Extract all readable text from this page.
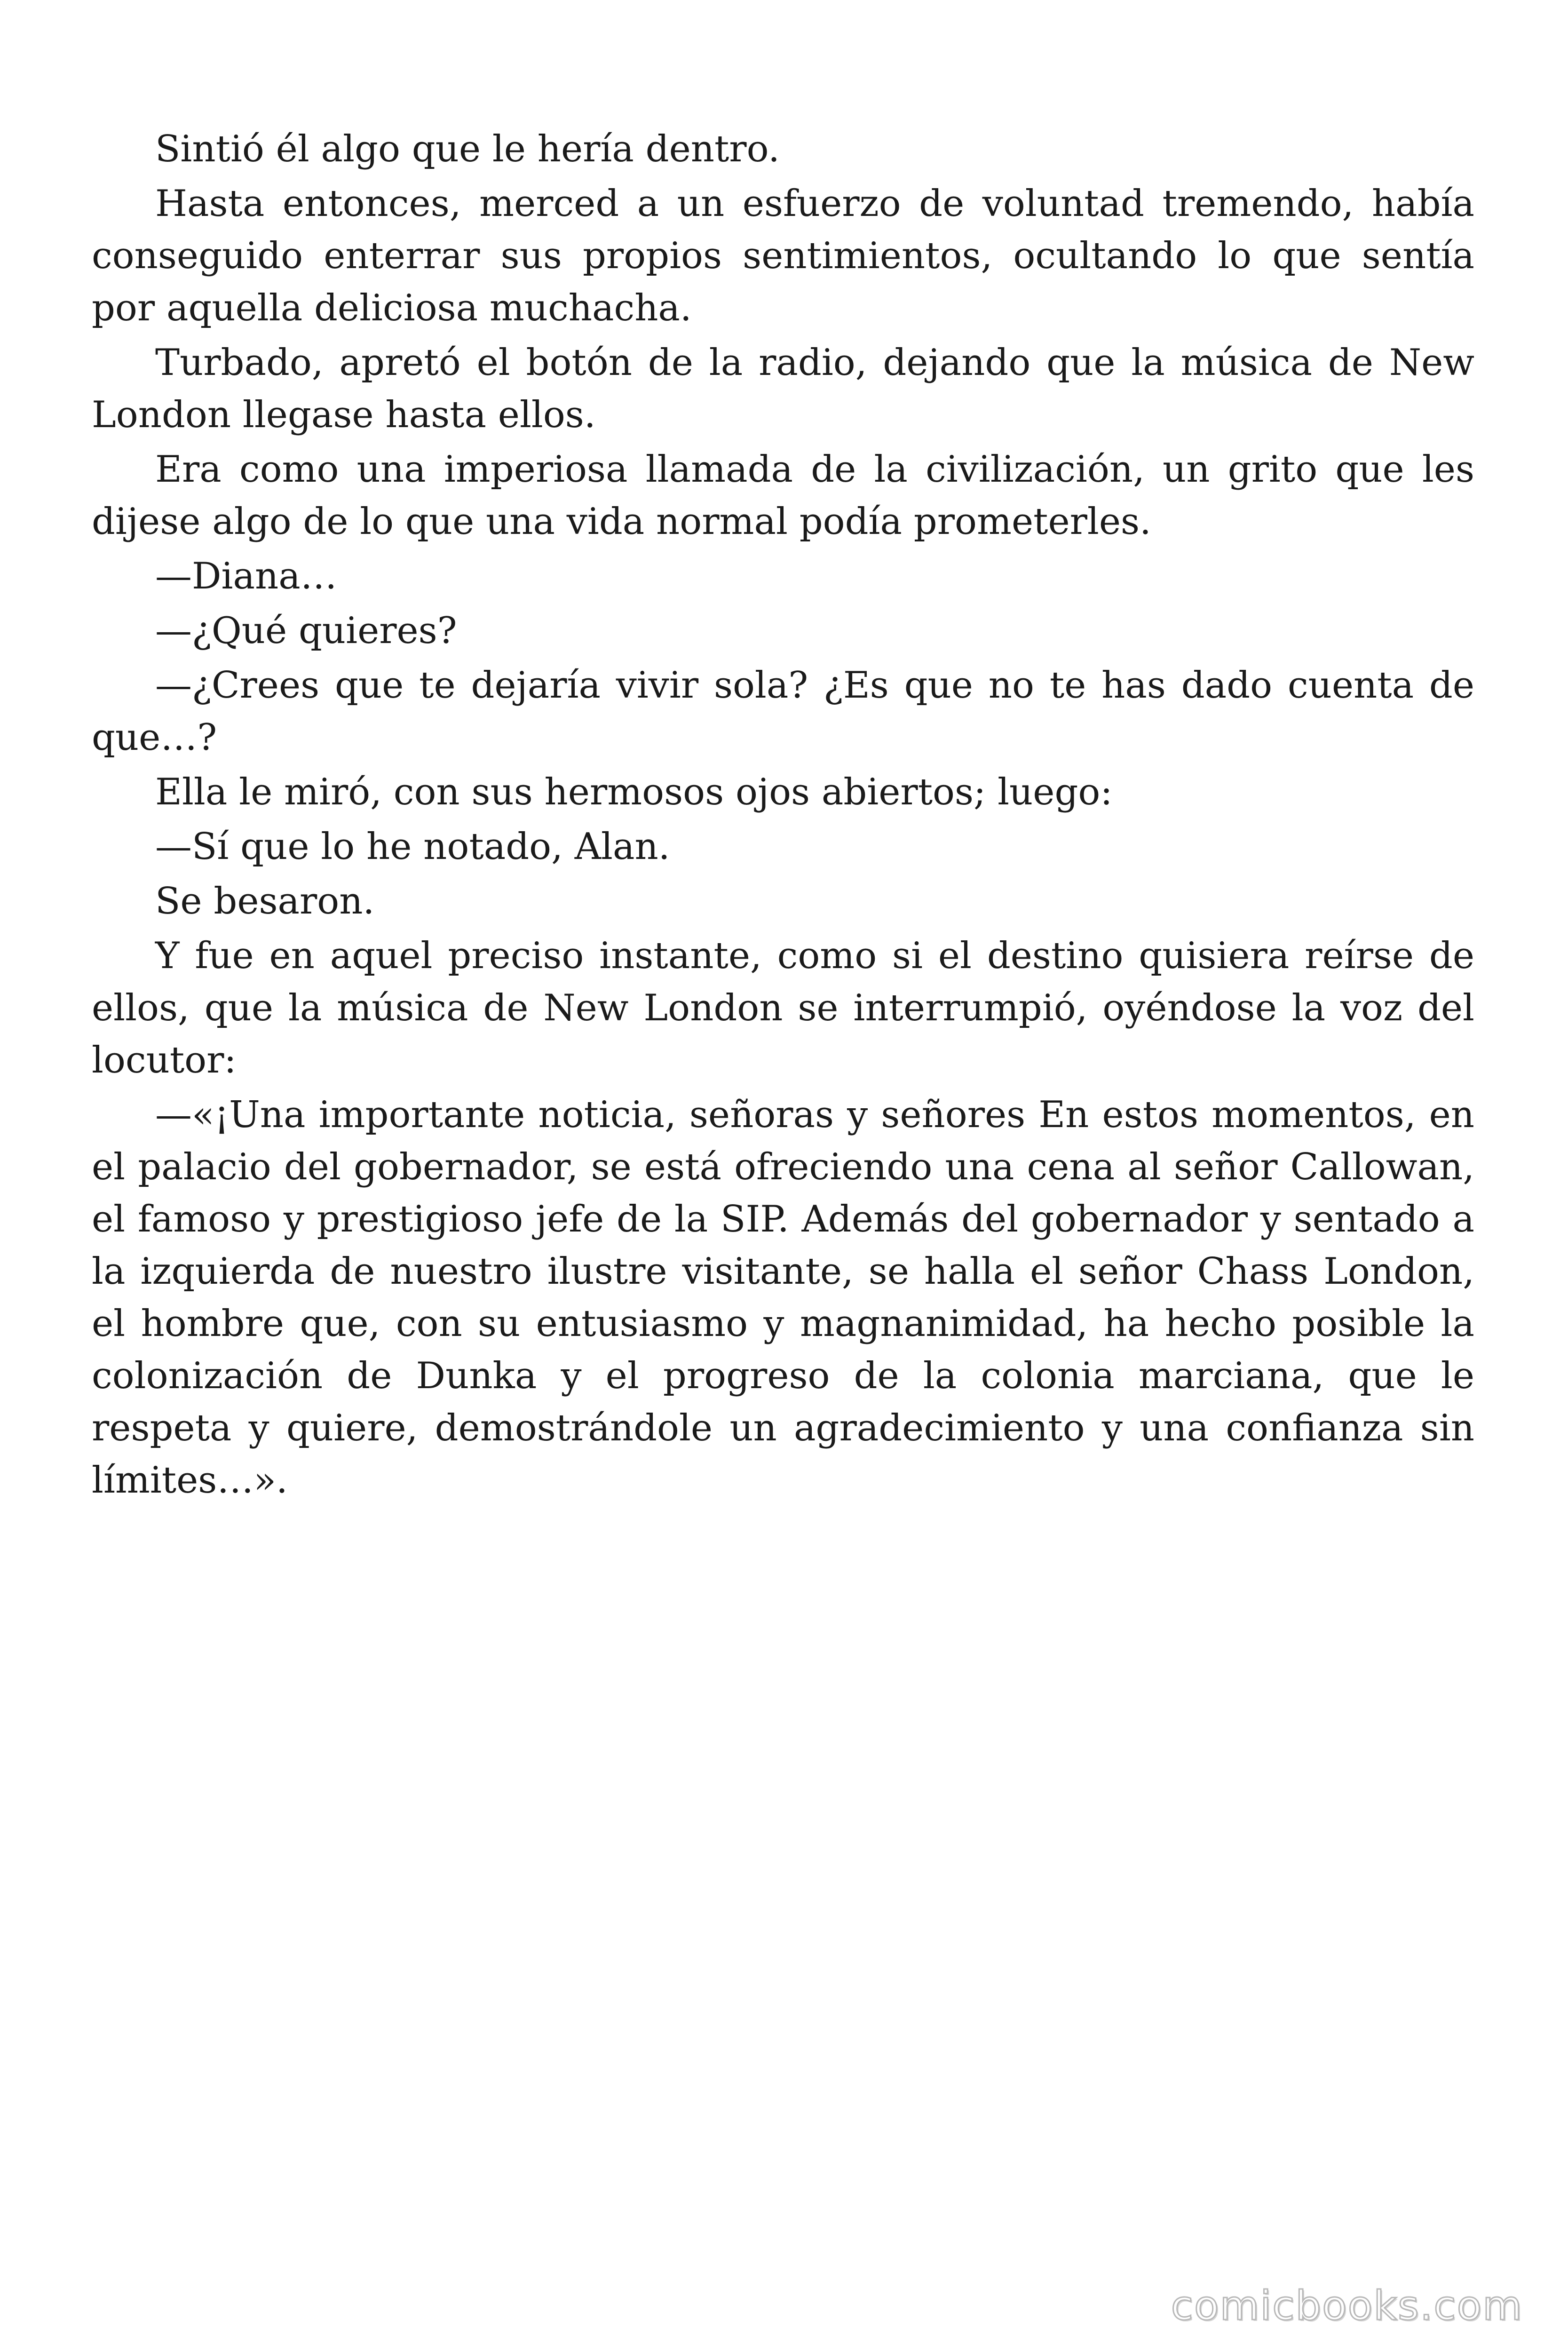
Sintió él algo que le hería dentro.

Hasta entonces, merced a un esfuerzo de voluntad tremendo, había conseguido enterrar sus propios sentimientos, ocultando lo que sentía por aquella deliciosa muchacha.

Turbado, apretó el botón de la radio, dejando que la música de New London llegase hasta ellos.

Era como una imperiosa llamada de la civilización, un grito que les dijese algo de lo que una vida normal podía prometerles.

—Diana…

—¿Qué quieres?

—¿Crees que te dejaría vivir sola? ¿Es que no te has dado cuenta de que…?

Ella le miró, con sus hermosos ojos abiertos; luego:

—Sí que lo he notado, Alan.

Se besaron.

Y fue en aquel preciso instante, como si el destino quisiera reírse de ellos, que la música de New London se interrumpió, oyéndose la voz del locutor:

—«¡Una importante noticia, señoras y señores En estos momentos, en el palacio del gobernador, se está ofreciendo una cena al señor Callowan, el famoso y prestigioso jefe de la SIP. Además del gobernador y sentado a la izquierda de nuestro ilustre visitante, se halla el señor Chass London, el hombre que, con su entusiasmo y magnanimidad, ha hecho posible la colonización de Dunka y el progreso de la colonia marciana, que le respeta y quiere, demostrándole un agradecimiento y una confianza sin límites…».

comicbooks.com
